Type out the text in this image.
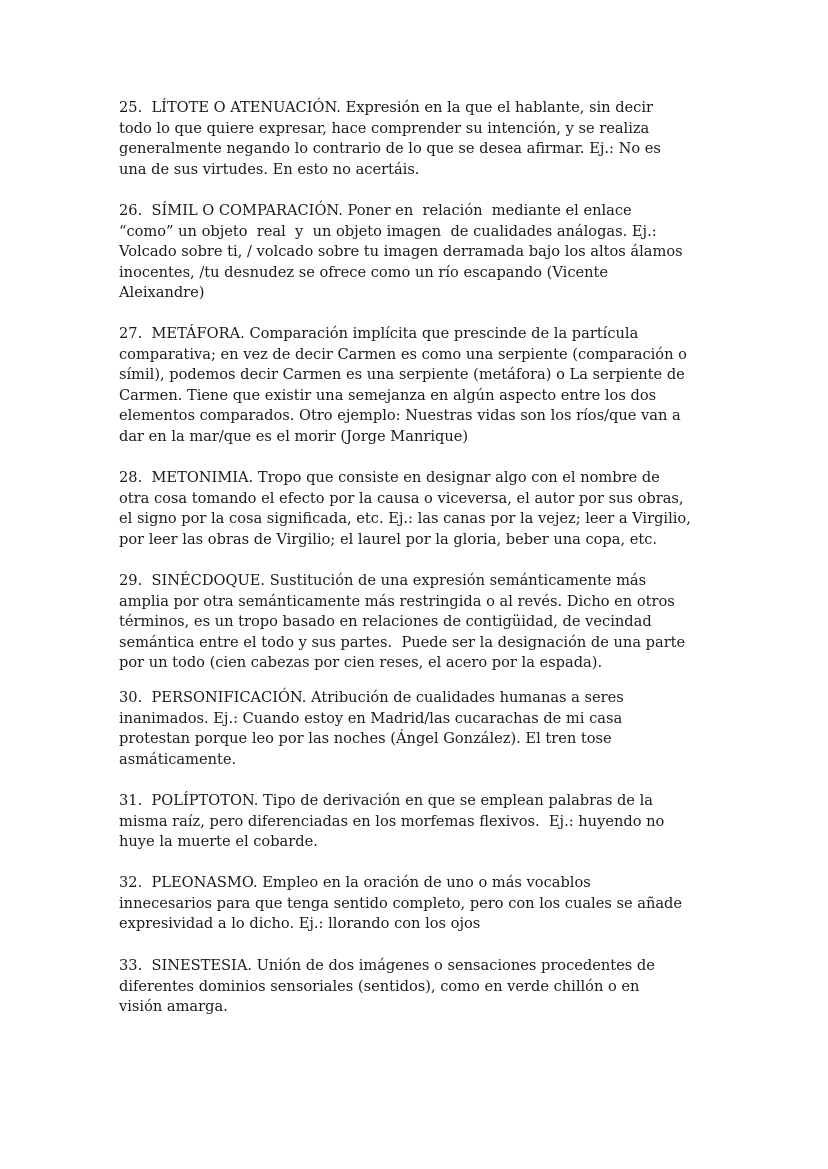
25.  LÍTOTE O ATENUACIÓN. Expresión en la que el hablante, sin decir
todo lo que quiere expresar, hace comprender su intención, y se realiza
generalmente negando lo contrario de lo que se desea afirmar. Ej.: No es
una de sus virtudes. En esto no acertáis.
26.  SÍMIL O COMPARACIÓN. Poner en  relación  mediante el enlace
“como” un objeto  real  y  un objeto imagen  de cualidades análogas. Ej.:
Volcado sobre ti, / volcado sobre tu imagen derramada bajo los altos álamos
inocentes, /tu desnudez se ofrece como un río escapando (Vicente
Aleixandre)
27.  METÁFORA. Comparación implícita que prescinde de la partícula
comparativa; en vez de decir Carmen es como una serpiente (comparación o
símil), podemos decir Carmen es una serpiente (metáfora) o La serpiente de
Carmen. Tiene que existir una semejanza en algún aspecto entre los dos
elementos comparados. Otro ejemplo: Nuestras vidas son los ríos/que van a
dar en la mar/que es el morir (Jorge Manrique)
28.  METONIMIA. Tropo que consiste en designar algo con el nombre de
otra cosa tomando el efecto por la causa o viceversa, el autor por sus obras,
el signo por la cosa significada, etc. Ej.: las canas por la vejez; leer a Virgilio,
por leer las obras de Virgilio; el laurel por la gloria, beber una copa, etc.
29.  SINÉCDOQUE. Sustitución de una expresión semánticamente más
amplia por otra semánticamente más restringida o al revés. Dicho en otros
términos, es un tropo basado en relaciones de contigüidad, de vecindad
semántica entre el todo y sus partes.  Puede ser la designación de una parte
por un todo (cien cabezas por cien reses, el acero por la espada).
30.  PERSONIFICACIÓN. Atribución de cualidades humanas a seres
inanimados. Ej.: Cuando estoy en Madrid/las cucarachas de mi casa
protestan porque leo por las noches (Ángel González). El tren tose
asmáticamente.
31.  POLÍPTOTON. Tipo de derivación en que se emplean palabras de la
misma raíz, pero diferenciadas en los morfemas flexivos.  Ej.: huyendo no
huye la muerte el cobarde.
32.  PLEONASMO. Empleo en la oración de uno o más vocablos
innecesarios para que tenga sentido completo, pero con los cuales se añade
expresividad a lo dicho. Ej.: llorando con los ojos
33.  SINESTESIA. Unión de dos imágenes o sensaciones procedentes de
diferentes dominios sensoriales (sentidos), como en verde chillón o en
visión amarga.
